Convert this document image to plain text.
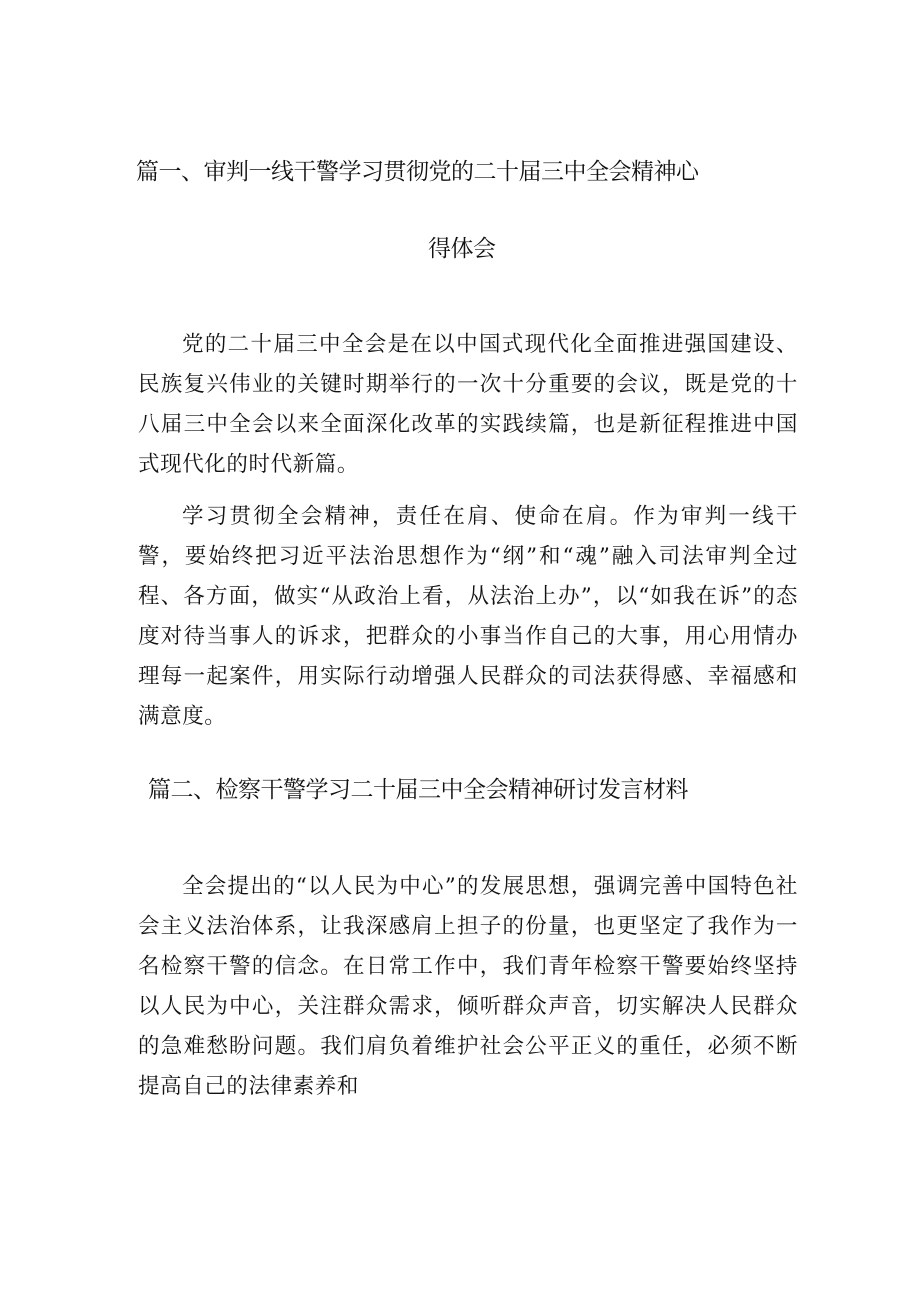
篇一、审判一线干警学习贯彻党的二十届三中全会精神心
得体会

党的二十届三中全会是在以中国式现代化全面推进强国建设、民族复兴伟业的关键时期举行的一次十分重要的会议，既是党的十八届三中全会以来全面深化改革的实践续篇，也是新征程推进中国式现代化的时代新篇。

学习贯彻全会精神，责任在肩、使命在肩。作为审判一线干警，要始终把习近平法治思想作为“纲”和“魂”融入司法审判全过程、各方面，做实“从政治上看，从法治上办”，以“如我在诉”的态度对待当事人的诉求，把群众的小事当作自己的大事，用心用情办理每一起案件，用实际行动增强人民群众的司法获得感、幸福感和满意度。

篇二、检察干警学习二十届三中全会精神研讨发言材料

全会提出的“以人民为中心”的发展思想，强调完善中国特色社会主义法治体系，让我深感肩上担子的份量，也更坚定了我作为一名检察干警的信念。在日常工作中，我们青年检察干警要始终坚持以人民为中心，关注群众需求，倾听群众声音，切实解决人民群众的急难愁盼问题。我们肩负着维护社会公平正义的重任，必须不断提高自己的法律素养和
